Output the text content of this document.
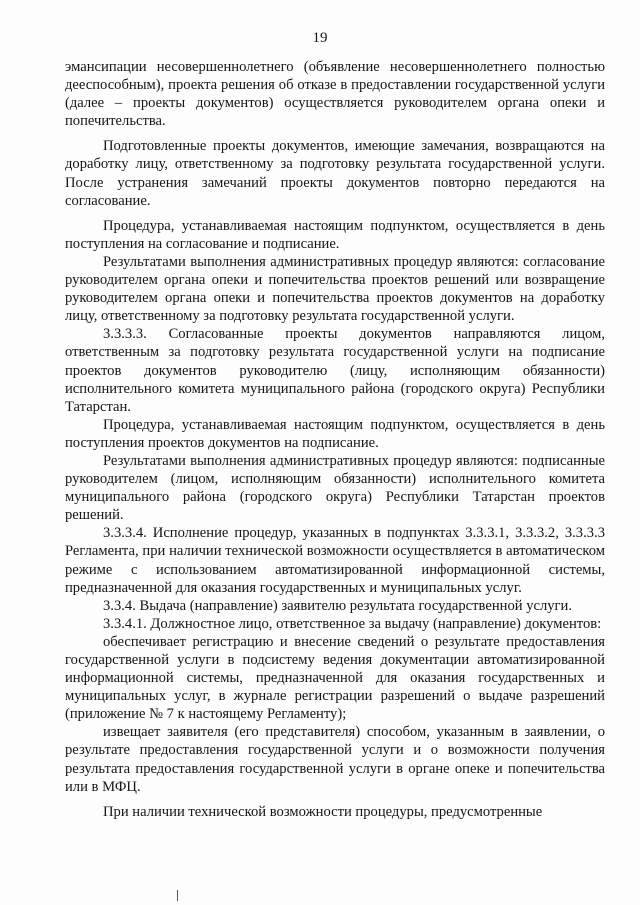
19

эмансипации несовершеннолетнего (объявление несовершеннолетнего полностью дееспособным), проекта решения об отказе в предоставлении государственной услуги (далее – проекты документов) осуществляется руководителем органа опеки и попечительства.

Подготовленные проекты документов, имеющие замечания, возвращаются на доработку лицу, ответственному за подготовку результата государственной услуги. После устранения замечаний проекты документов повторно передаются на согласование.

Процедура, устанавливаемая настоящим подпунктом, осуществляется в день поступления на согласование и подписание.

Результатами выполнения административных процедур являются: согласование руководителем органа опеки и попечительства проектов решений или возвращение руководителем органа опеки и попечительства проектов документов на доработку лицу, ответственному за подготовку результата государственной услуги.

3.3.3.3. Согласованные проекты документов направляются лицом, ответственным за подготовку результата государственной услуги на подписание проектов документов руководителю (лицу, исполняющим обязанности) исполнительного комитета муниципального района (городского округа) Республики Татарстан.

Процедура, устанавливаемая настоящим подпунктом, осуществляется в день поступления проектов документов на подписание.

Результатами выполнения административных процедур являются: подписанные руководителем (лицом, исполняющим обязанности) исполнительного комитета муниципального района (городского округа) Республики Татарстан проектов решений.

3.3.3.4. Исполнение процедур, указанных в подпунктах 3.3.3.1, 3.3.3.2, 3.3.3.3 Регламента, при наличии технической возможности осуществляется в автоматическом режиме с использованием автоматизированной информационной системы, предназначенной для оказания государственных и муниципальных услуг.

3.3.4. Выдача (направление) заявителю результата государственной услуги.

3.3.4.1. Должностное лицо, ответственное за выдачу (направление) документов:

обеспечивает регистрацию и внесение сведений о результате предоставления государственной услуги в подсистему ведения документации автоматизированной информационной системы, предназначенной для оказания государственных и муниципальных услуг, в журнале регистрации разрешений о выдаче разрешений (приложение № 7 к настоящему Регламенту);

извещает заявителя (его представителя) способом, указанным в заявлении, о результате предоставления государственной услуги и о возможности получения результата предоставления государственной услуги в органе опеке и попечительства или в МФЦ.

При наличии технической возможности процедуры, предусмотренные
